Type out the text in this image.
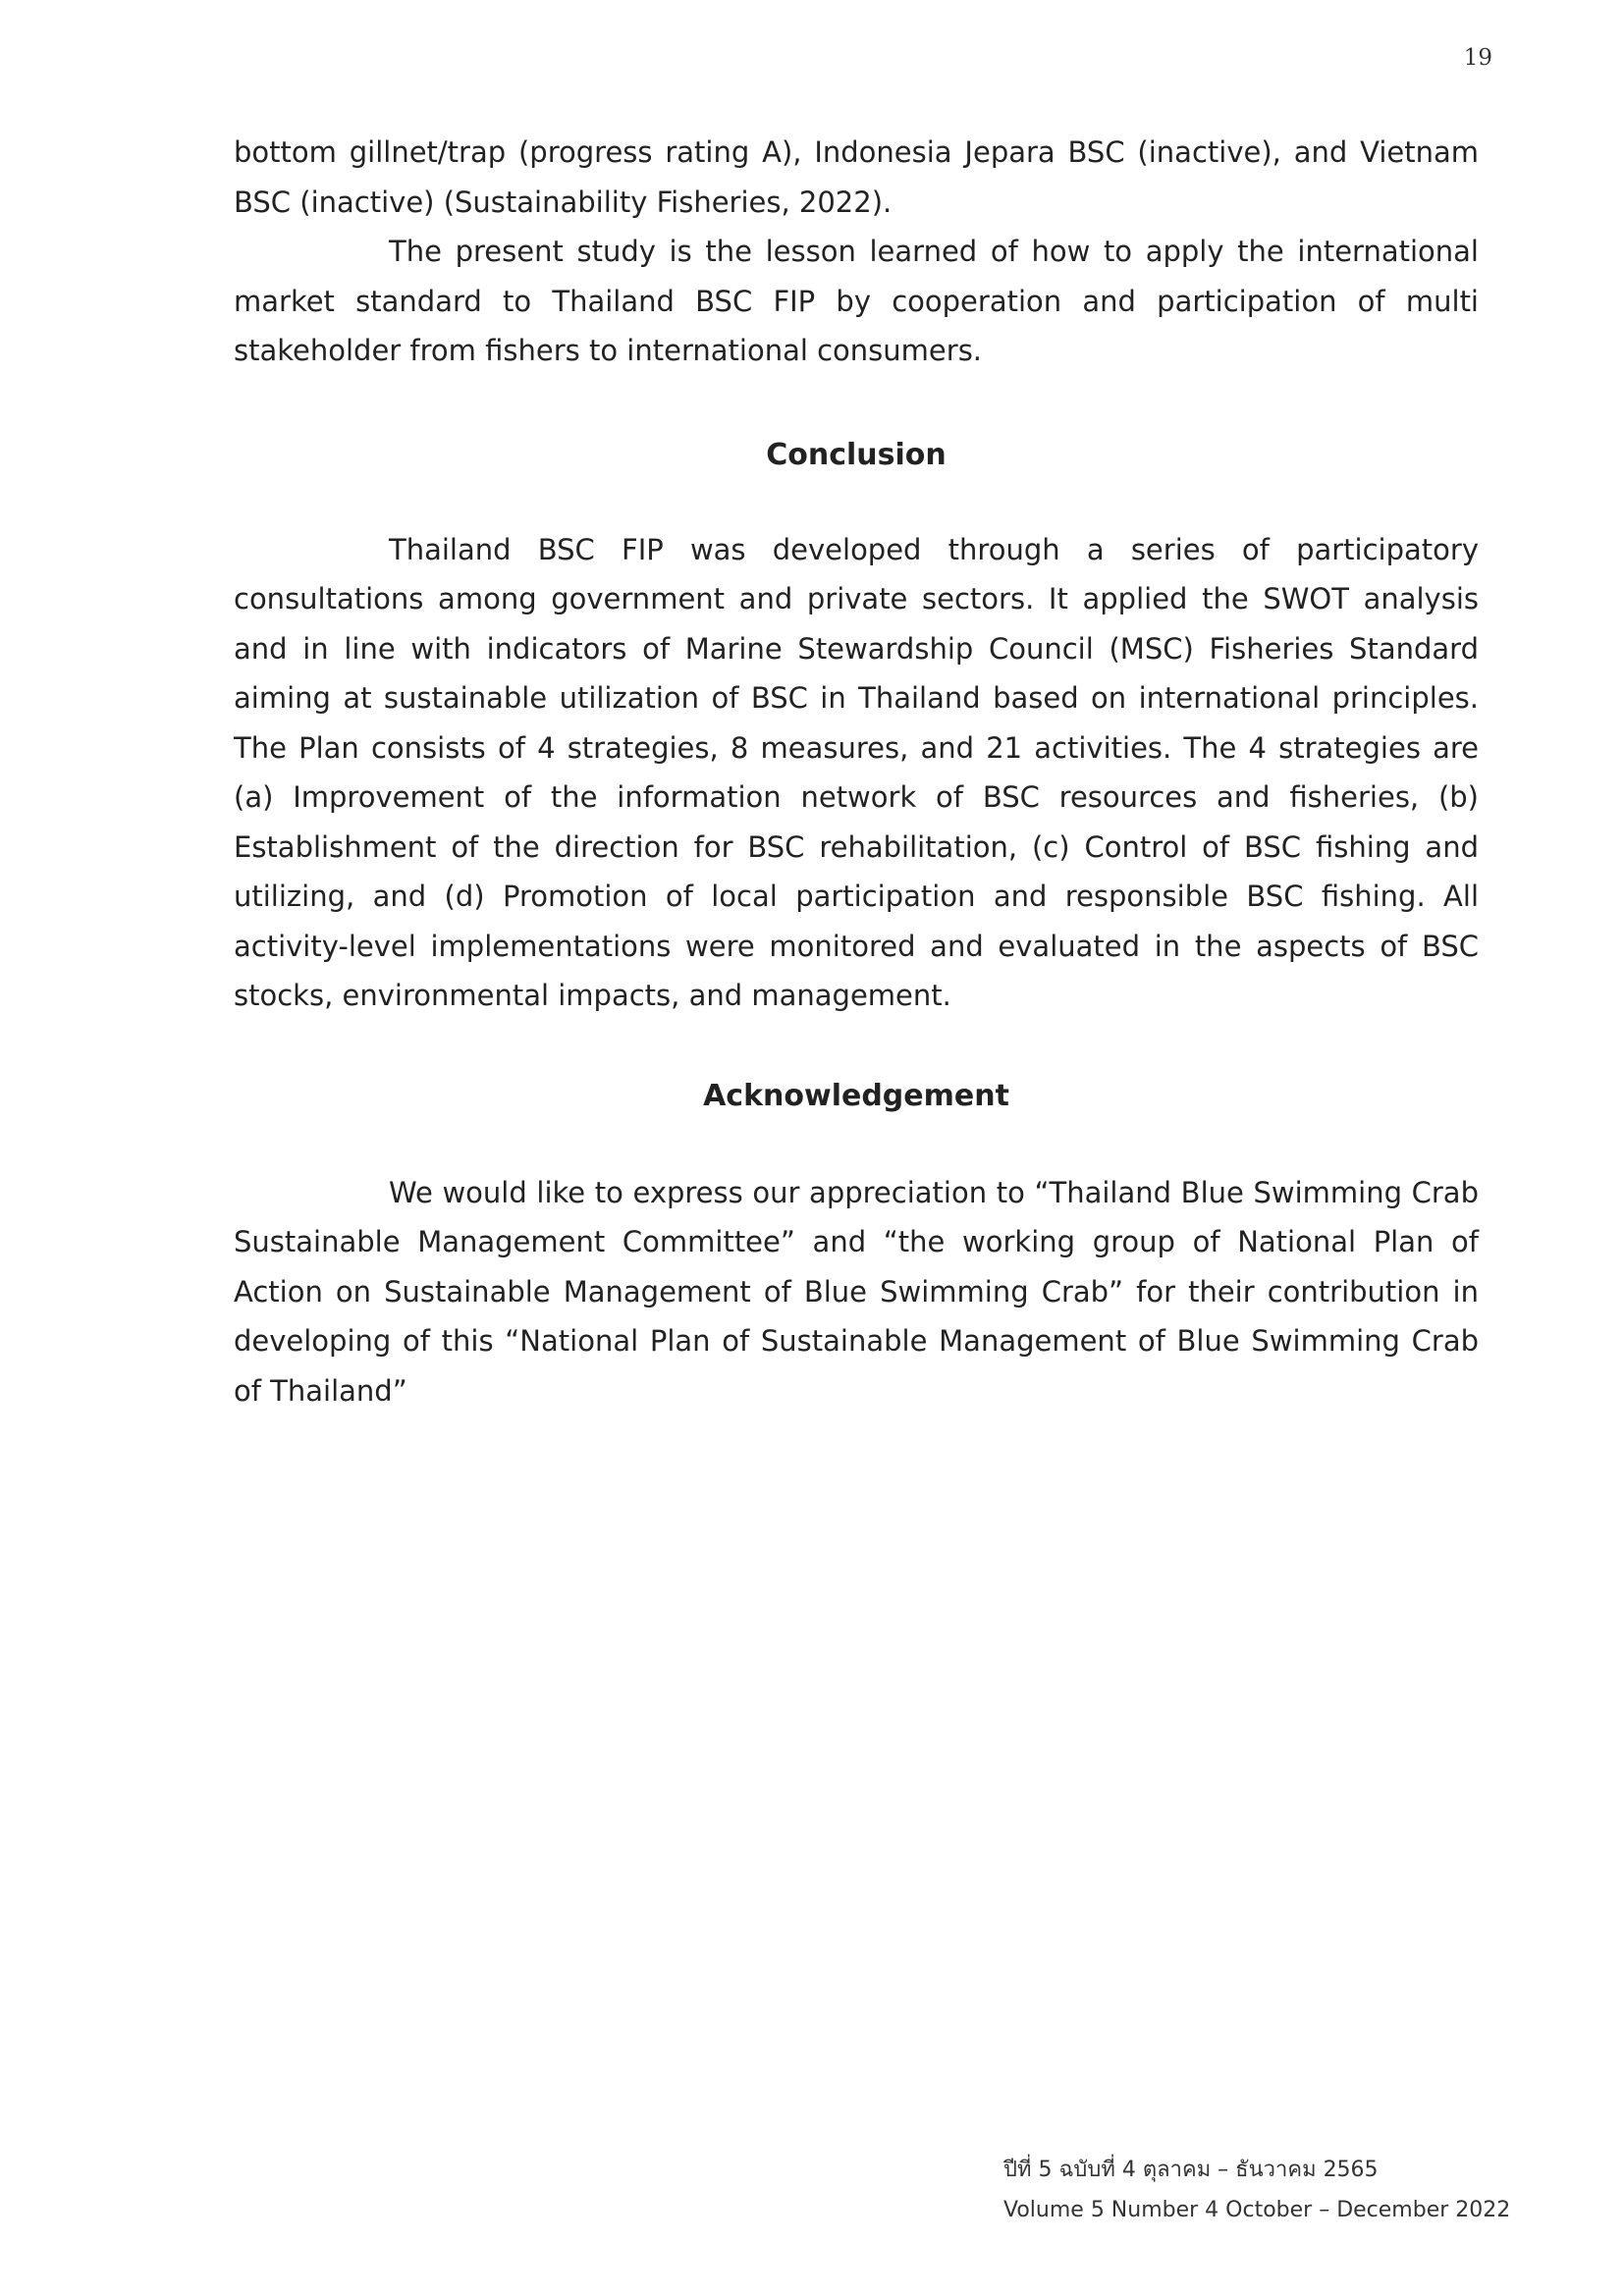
19

bottom gillnet/trap (progress rating A), Indonesia Jepara BSC (inactive), and Vietnam BSC (inactive) (Sustainability Fisheries, 2022).

The present study is the lesson learned of how to apply the international market standard to Thailand BSC FIP by cooperation and participation of multi stakeholder from fishers to international consumers.

Conclusion

Thailand BSC FIP was developed through a series of participatory consultations among government and private sectors. It applied the SWOT analysis and in line with indicators of Marine Stewardship Council (MSC) Fisheries Standard aiming at sustainable utilization of BSC in Thailand based on international principles. The Plan consists of 4 strategies, 8 measures, and 21 activities. The 4 strategies are (a) Improvement of the information network of BSC resources and fisheries, (b) Establishment of the direction for BSC rehabilitation, (c) Control of BSC fishing and utilizing, and (d) Promotion of local participation and responsible BSC fishing. All activity-level implementations were monitored and evaluated in the aspects of BSC stocks, environmental impacts, and management.

Acknowledgement

We would like to express our appreciation to “Thailand Blue Swimming Crab Sustainable Management Committee” and “the working group of National Plan of Action on Sustainable Management of Blue Swimming Crab” for their contribution in developing of this “National Plan of Sustainable Management of Blue Swimming Crab of Thailand”

ปีที่ 5 ฉบับที่ 4 ตุลาคม – ธันวาคม 2565
Volume 5 Number 4 October – December 2022
